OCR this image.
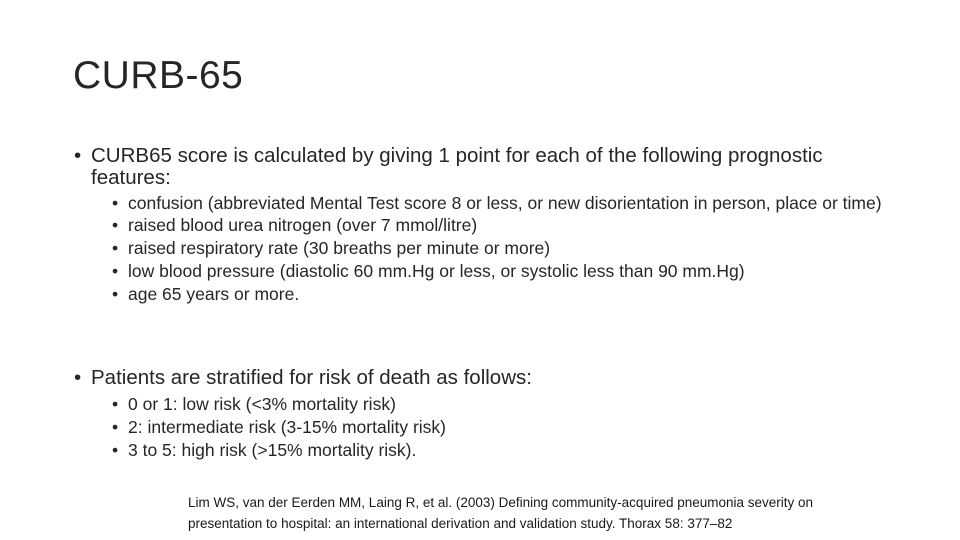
CURB-65
• CURB65 score is calculated by giving 1 point for each of the following prognostic features:
• confusion (abbreviated Mental Test score 8 or less, or new disorientation in person, place or time)
• raised blood urea nitrogen (over 7 mmol/litre)
• raised respiratory rate (30 breaths per minute or more)
• low blood pressure (diastolic 60 mm.Hg or less, or systolic less than 90 mm.Hg)
• age 65 years or more.
• Patients are stratified for risk of death as follows:
• 0 or 1: low risk (<3% mortality risk)
• 2: intermediate risk (3‑15% mortality risk)
• 3 to 5: high risk (>15% mortality risk).
Lim WS, van der Eerden MM, Laing R, et al. (2003) Defining community‑acquired pneumonia severity on
presentation to hospital: an international derivation and validation study. Thorax 58: 377–82
